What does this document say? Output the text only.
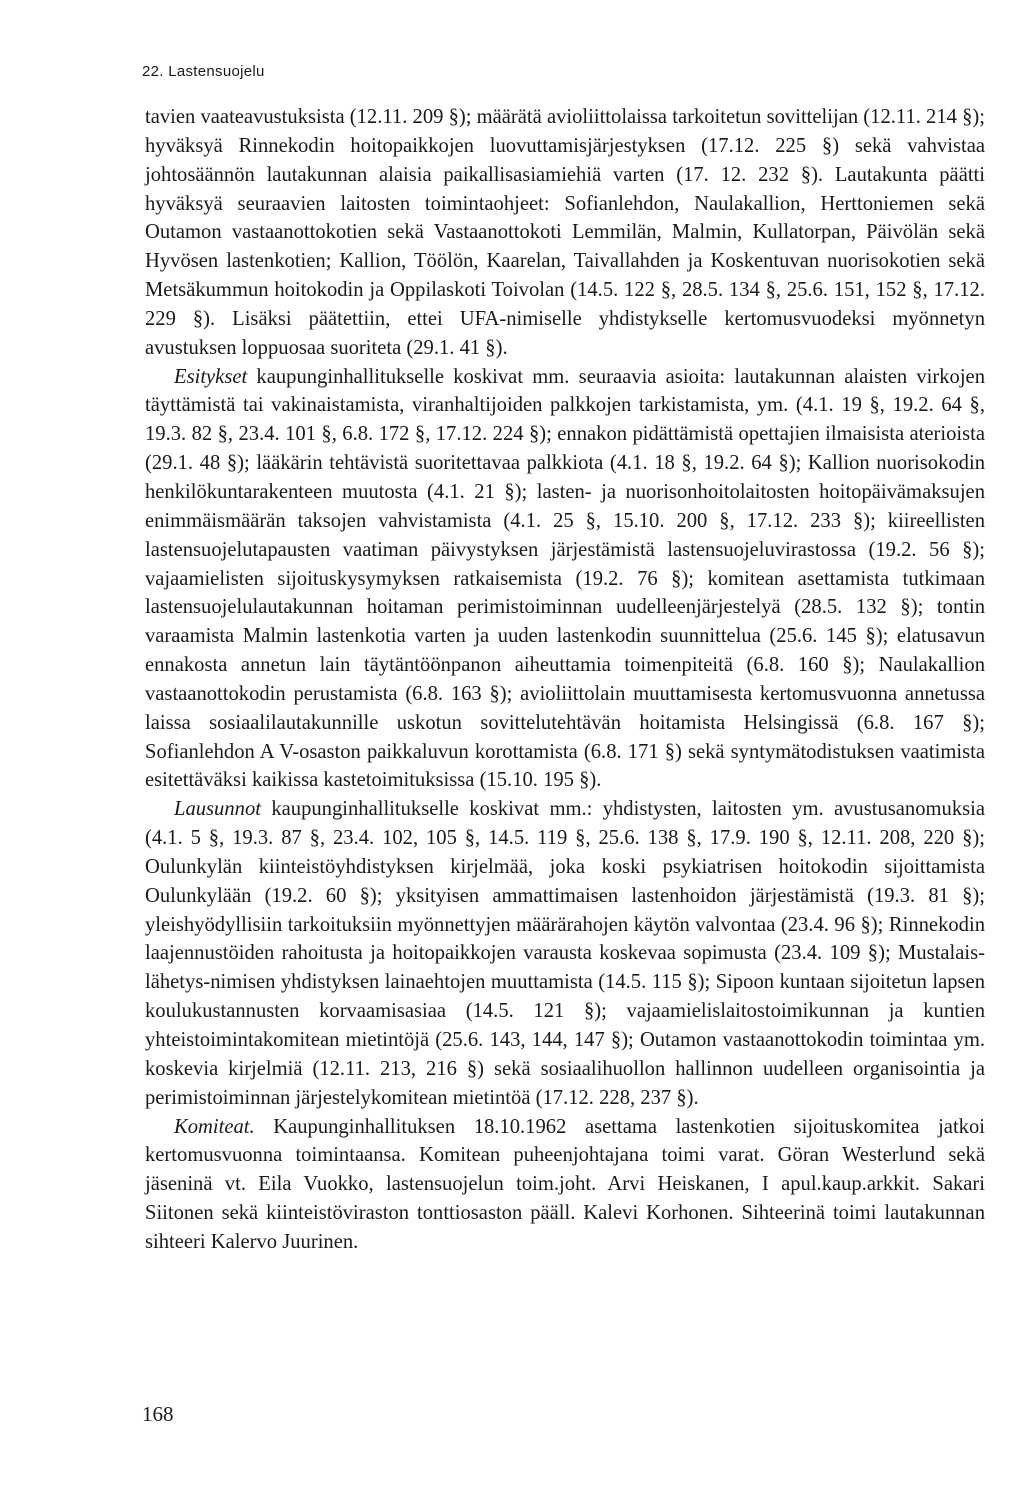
22. Lastensuojelu

tavien vaateavustuksista (12.11. 209 §); määrätä avioliittolaissa tarkoitetun sovittelijan (12.11. 214 §); hyväksyä Rinnekodin hoitopaikkojen luovuttamisjärjestyksen (17.12. 225 §) sekä vahvistaa johtosäännön lautakunnan alaisia paikallisasiamiehiä varten (17. 12. 232 §). Lautakunta päätti hyväksyä seuraavien laitosten toimintaohjeet: Sofianlehdon, Naulakallion, Herttoniemen sekä Outamon vastaanottokotien sekä Vastaanottokoti Lemmilän, Malmin, Kullatorpan, Päivölän sekä Hyvösen lastenkotien; Kallion, Töölön, Kaarelan, Taivallahden ja Koskentuvan nuorisokotien sekä Metsäkummun hoitokodin ja Oppilaskoti Toivolan (14.5. 122 §, 28.5. 134 §, 25.6. 151, 152 §, 17.12. 229 §). Lisäksi päätettiin, ettei UFA-nimiselle yhdistykselle kertomusvuodeksi myönnetyn avustuksen loppuosaa suoriteta (29.1. 41 §).

Esitykset kaupunginhallitukselle koskivat mm. seuraavia asioita: lautakunnan alaisten virkojen täyttämistä tai vakinaistamista, viranhaltijoiden palkkojen tarkistamista, ym. (4.1. 19 §, 19.2. 64 §, 19.3. 82 §, 23.4. 101 §, 6.8. 172 §, 17.12. 224 §); ennakon pidättämistä opettajien ilmaisista aterioista (29.1. 48 §); lääkärin tehtävistä suoritettavaa palkkiota (4.1. 18 §, 19.2. 64 §); Kallion nuorisokodin henkilökuntarakenteen muutosta (4.1. 21 §); lasten- ja nuorisonhoitolaitosten hoitopäivämaksujen enimmäismäärän taksojen vahvistamista (4.1. 25 §, 15.10. 200 §, 17.12. 233 §); kiireellisten lastensuojelutapausten vaatiman päivystyksen järjestämistä lastensuojeluvirastossa (19.2. 56 §); vajaamielisten sijoituskysymyksen ratkaisemista (19.2. 76 §); komitean asettamista tutkimaan lastensuojelulautakunnan hoitaman perimistoiminnan uudelleenjärjestelyä (28.5. 132 §); tontin varaamista Malmin lastenkotia varten ja uuden lastenkodin suunnittelua (25.6. 145 §); elatusavun ennakosta annetun lain täytäntöönpanon aiheuttamia toimenpiteitä (6.8. 160 §); Naulakallion vastaanottokodin perustamista (6.8. 163 §); avioliittolain muuttamisesta kertomusvuonna annetussa laissa sosiaalilautakunnille uskotun sovittelutehtävän hoitamista Helsingissä (6.8. 167 §); Sofianlehdon A V-osaston paikkaluvun korottamista (6.8. 171 §) sekä syntymätodistuksen vaatimista esitettäväksi kaikissa kastetoimituksissa (15.10. 195 §).

Lausunnot kaupunginhallitukselle koskivat mm.: yhdistysten, laitosten ym. avustusanomuksia (4.1. 5 §, 19.3. 87 §, 23.4. 102, 105 §, 14.5. 119 §, 25.6. 138 §, 17.9. 190 §, 12.11. 208, 220 §); Oulunkylän kiinteistöyhdistyksen kirjelmää, joka koski psykiatrisen hoitokodin sijoittamista Oulunkylään (19.2. 60 §); yksityisen ammattimaisen lastenhoidon järjestämistä (19.3. 81 §); yleishyödyllisiin tarkoituksiin myönnettyjen määrärahojen käytön valvontaa (23.4. 96 §); Rinnekodin laajennustöiden rahoitusta ja hoitopaikkojen varausta koskevaa sopimusta (23.4. 109 §); Mustalaislähetys-nimisen yhdistyksen lainaehtojen muuttamista (14.5. 115 §); Sipoon kuntaan sijoitetun lapsen koulukustannusten korvaamisasiaa (14.5. 121 §); vajaamielislaitostoimikunnan ja kuntien yhteistoimintakomitean mietintöjä (25.6. 143, 144, 147 §); Outamon vastaanottokodin toimintaa ym. koskevia kirjelmiä (12.11. 213, 216 §) sekä sosiaalihuollon hallinnon uudelleen organisointia ja perimistoiminnan järjestelykomitean mietintöä (17.12. 228, 237 §).

Komiteat. Kaupunginhallituksen 18.10.1962 asettama lastenkotien sijoituskomitea jatkoi kertomusvuonna toimintaansa. Komitean puheenjohtajana toimi varat. Göran Westerlund sekä jäseninä vt. Eila Vuokko, lastensuojelun toim.joht. Arvi Heiskanen, I apul.kaup.arkkit. Sakari Siitonen sekä kiinteistöviraston tonttiosaston pääll. Kalevi Korhonen. Sihteerinä toimi lautakunnan sihteeri Kalervo Juurinen.

168
